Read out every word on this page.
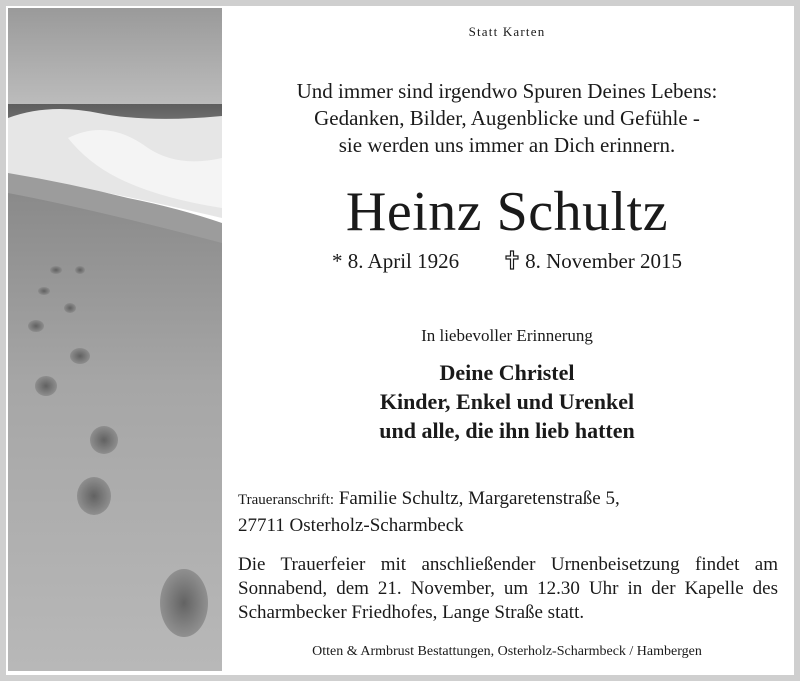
Statt Karten
Und immer sind irgendwo Spuren Deines Lebens:
Gedanken, Bilder, Augenblicke und Gefühle -
sie werden uns immer an Dich erinnern.
Heinz Schultz
* 8. April 1926	8. November 2015
In liebevoller Erinnerung
Deine Christel
Kinder, Enkel und Urenkel
und alle, die ihn lieb hatten
Traueranschrift: Familie Schultz, Margaretenstraße 5,
27711 Osterholz-Scharmbeck
Die Trauerfeier mit anschließender Urnenbeisetzung findet am Sonnabend, dem 21. November, um 12.30 Uhr in der Kapelle des Scharmbecker Friedhofes, Lange Straße statt.
Otten & Armbrust Bestattungen, Osterholz-Scharmbeck / Hambergen
